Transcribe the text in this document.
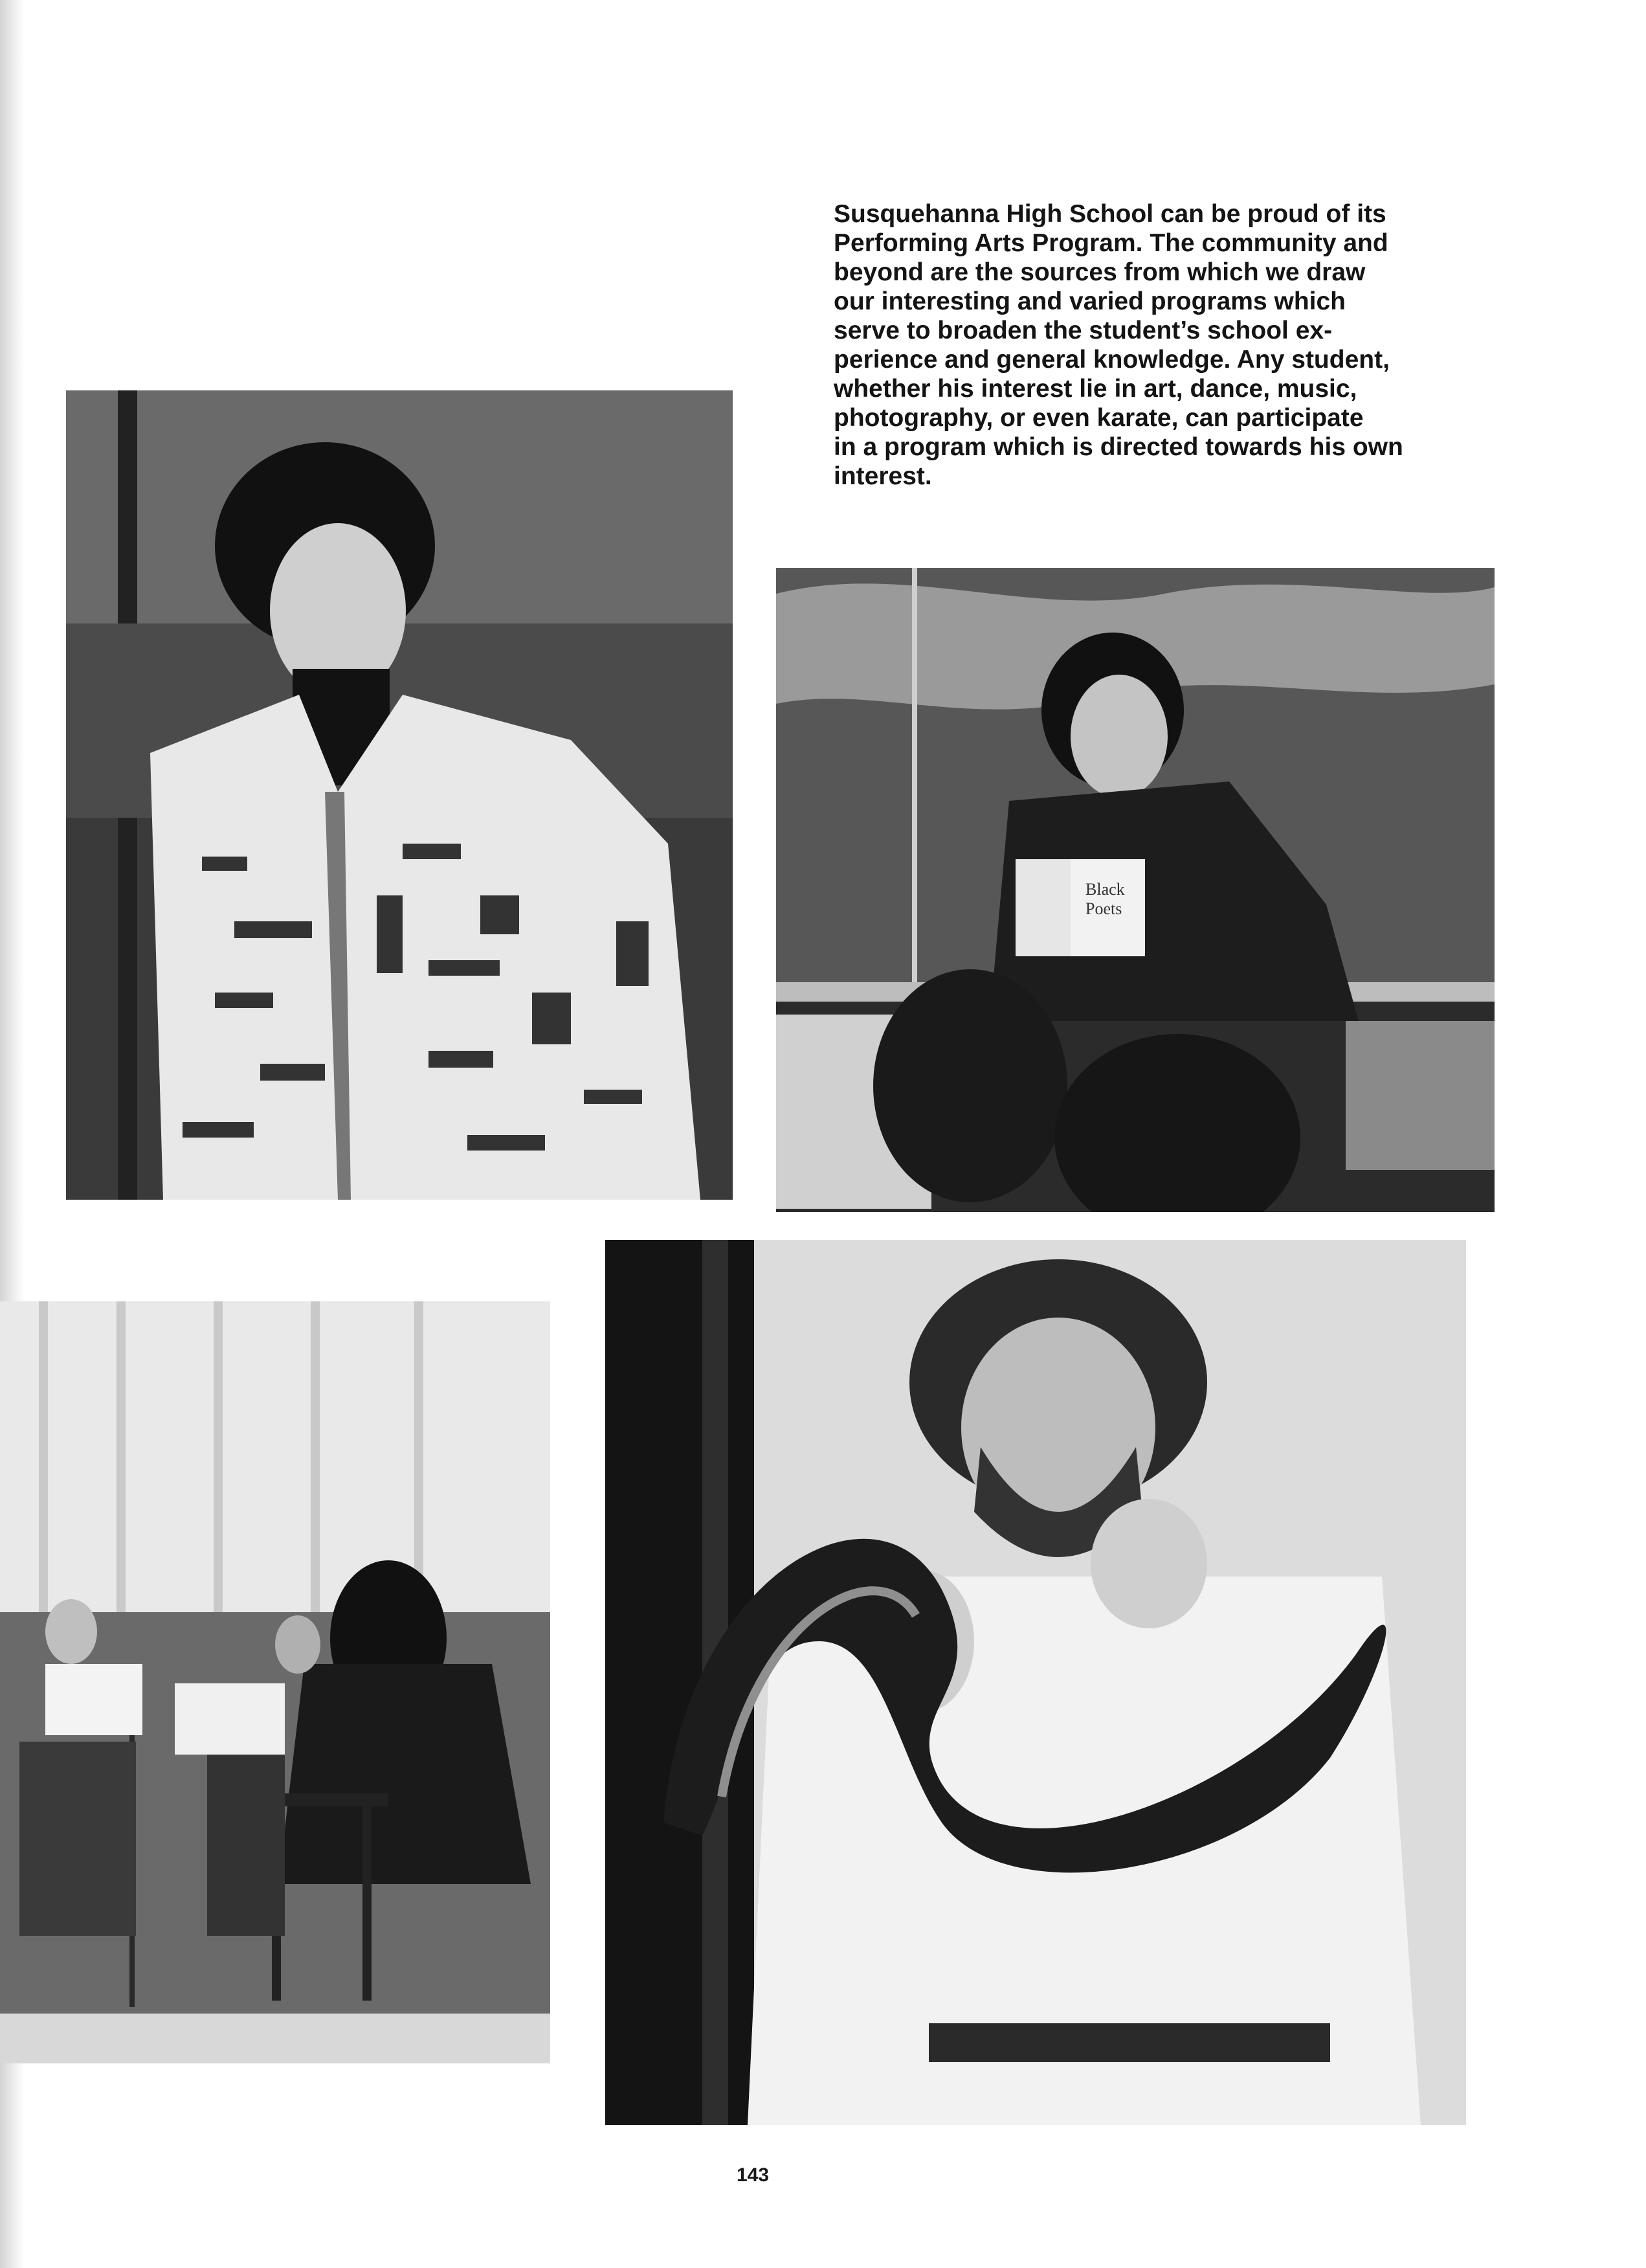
Susquehanna High School can be proud of its
Performing Arts Program. The community and
beyond are the sources from which we draw
our interesting and varied programs which
serve to broaden the student’s school ex-
perience and general knowledge. Any student,
whether his interest lie in art, dance, music,
photography, or even karate, can participate
in a program which is directed towards his own
interest.

Black
Poets
143
